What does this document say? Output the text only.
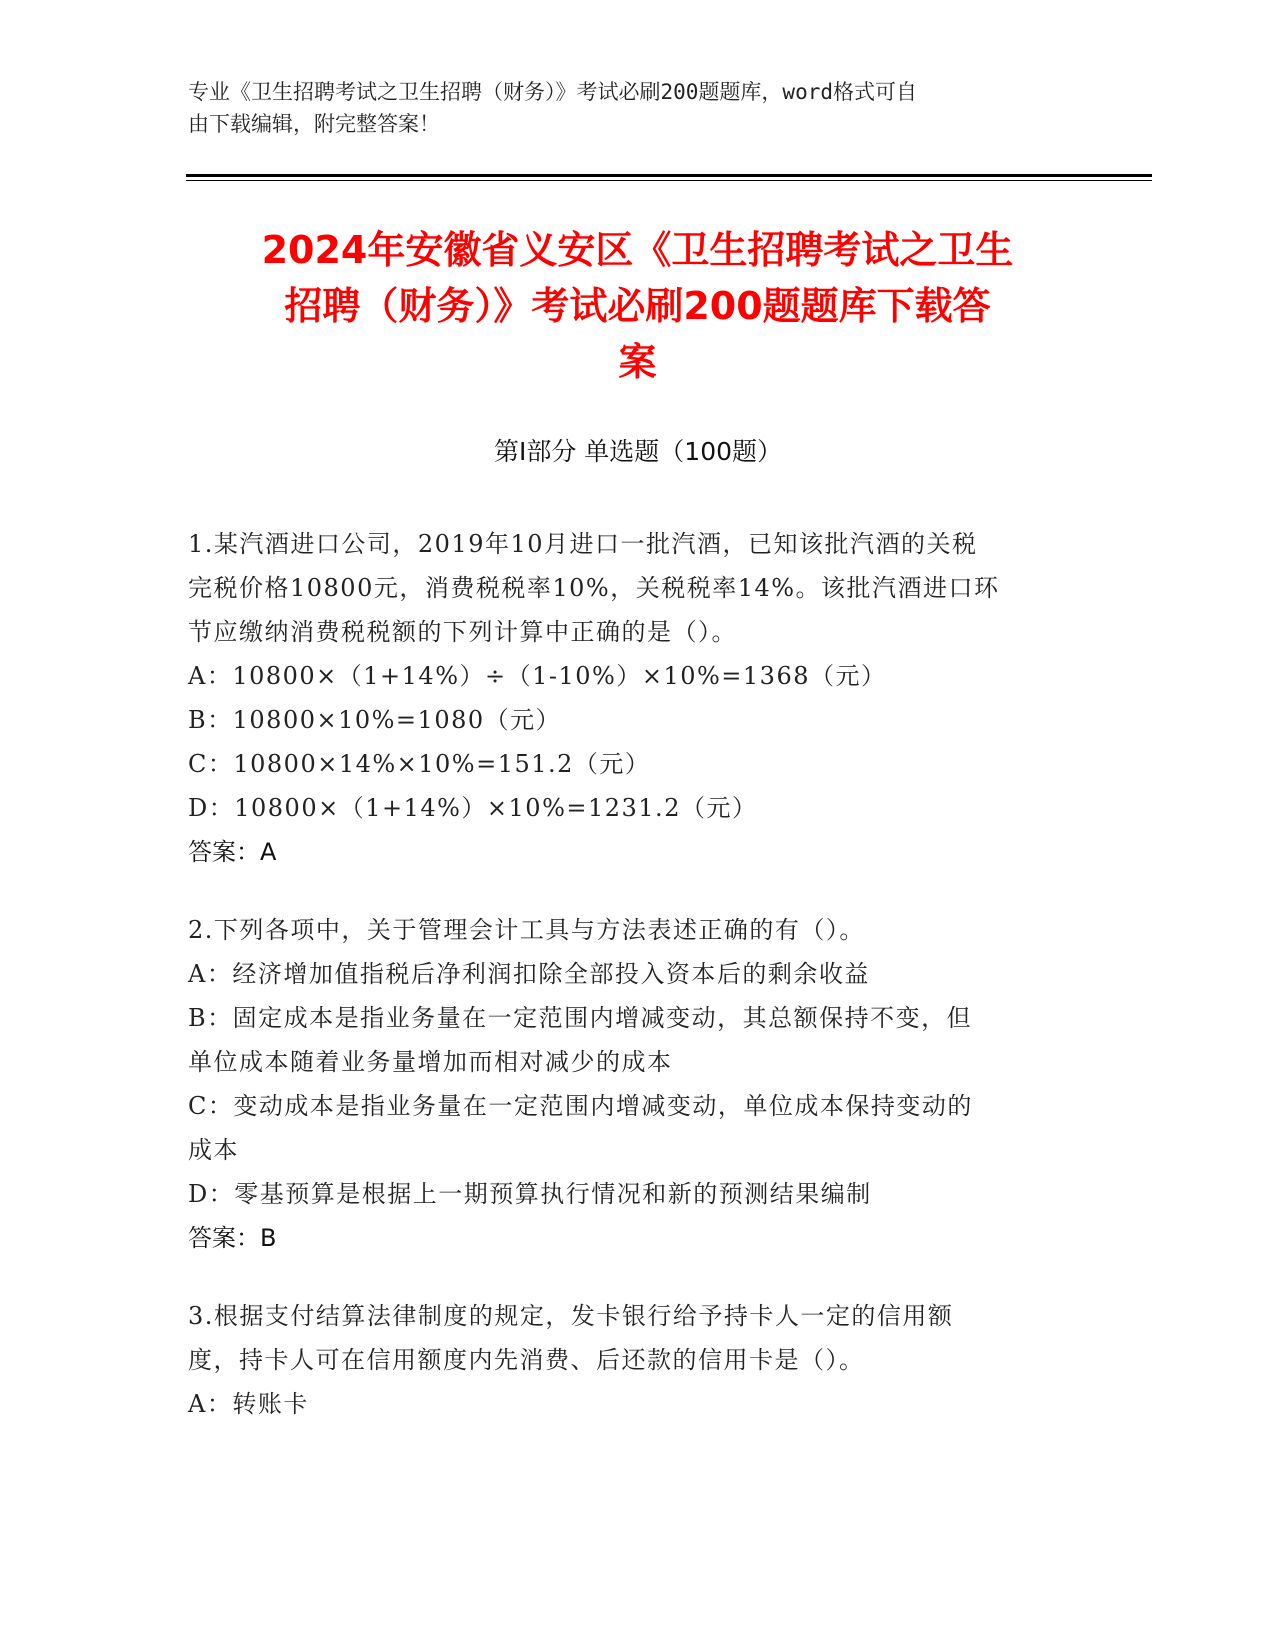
专业《卫生招聘考试之卫生招聘（财务）》考试必刷200题题库，word格式可自
由下载编辑，附完整答案！
2024年安徽省义安区《卫生招聘考试之卫生
招聘（财务）》考试必刷200题题库下载答
案
第Ⅰ部分 单选题（100题）

1.某汽酒进口公司，2019年10月进口一批汽酒，已知该批汽酒的关税

完税价格10800元，消费税税率10%，关税税率14%。该批汽酒进口环

节应缴纳消费税税额的下列计算中正确的是（）。

A：10800×（1+14%）÷（1-10%）×10%=1368（元）

B：10800×10%=1080（元）

C：10800×14%×10%=151.2（元）

D：10800×（1+14%）×10%=1231.2（元）

答案：A

2.下列各项中，关于管理会计工具与方法表述正确的有（）。

A：经济增加值指税后净利润扣除全部投入资本后的剩余收益

B：固定成本是指业务量在一定范围内增减变动，其总额保持不变，但

单位成本随着业务量增加而相对减少的成本

C：变动成本是指业务量在一定范围内增减变动，单位成本保持变动的

成本

D：零基预算是根据上一期预算执行情况和新的预测结果编制

答案：B

3.根据支付结算法律制度的规定，发卡银行给予持卡人一定的信用额

度，持卡人可在信用额度内先消费、后还款的信用卡是（）。

A：转账卡
